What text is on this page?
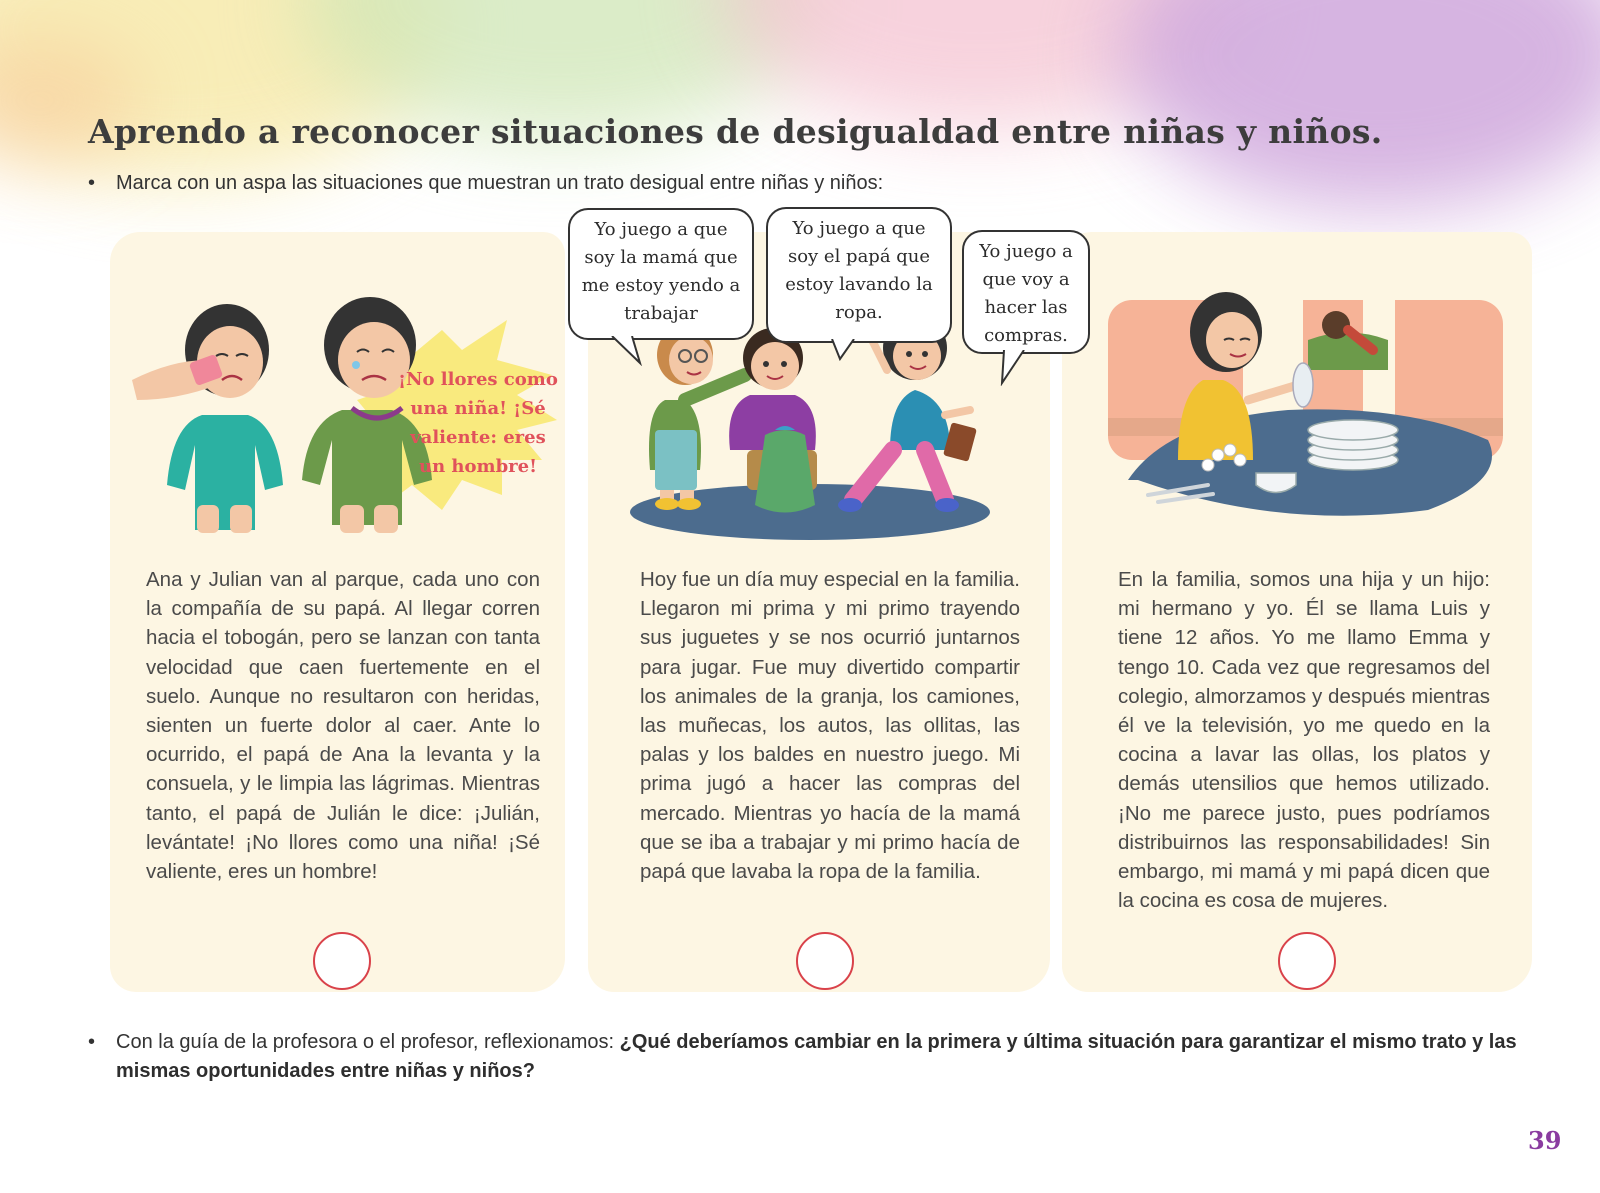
Aprendo a reconocer situaciones de desigualdad entre niñas y niños.
• Marca con un aspa las situaciones que muestran un trato desigual entre niñas y niños:

¡No llores como una niña! ¡Sé valiente: eres un hombre!

Yo juego a que soy la mamá que me estoy yendo a trabajar
Yo juego a que soy el papá que estoy lavando la ropa.
Yo juego a que voy a hacer las compras.

Ana y Julian van al parque, cada uno con la compañía de su papá. Al llegar corren hacia el tobogán, pero se lanzan con tanta velocidad que caen fuertemente en el suelo. Aunque no resultaron con heridas, sienten un fuerte dolor al caer. Ante lo ocurrido, el papá de Ana la levanta y la consuela, y le limpia las lágrimas. Mientras tanto, el papá de Julián le dice: ¡Julián, levántate! ¡No llores como una niña! ¡Sé valiente, eres un hombre!

Hoy fue un día muy especial en la familia. Llegaron mi prima y mi primo trayendo sus juguetes y se nos ocurrió juntarnos para jugar. Fue muy divertido compartir los animales de la granja, los camiones, las muñecas, los autos, las ollitas, las palas y los baldes en nuestro juego. Mi prima jugó a hacer las compras del mercado. Mientras yo hacía de la mamá que se iba a trabajar y mi primo hacía de papá que lavaba la ropa de la familia.

En la familia, somos una hija y un hijo: mi hermano y yo. Él se llama Luis y tiene 12 años. Yo me llamo Emma y tengo 10. Cada vez que regresamos del colegio, almorzamos y después mientras él ve la televisión, yo me quedo en la cocina a lavar las ollas, los platos y demás utensilios que hemos utilizado. ¡No me parece justo, pues podríamos distribuirnos las responsabilidades! Sin embargo, mi mamá y mi papá dicen que la cocina es cosa de mujeres.

• Con la guía de la profesora o el profesor, reflexionamos: ¿Qué deberíamos cambiar en la primera y última situación para garantizar el mismo trato y las mismas oportunidades entre niñas y niños?
39
